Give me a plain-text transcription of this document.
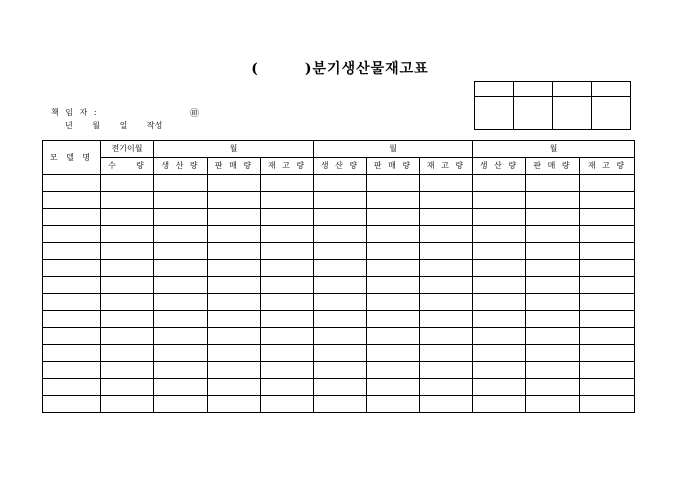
(	)분기생산물재고표

책 임 자 :	㊞
년 월 일 작성
모 델 명	전기이월	월			월			월		
	수    량	생 산 량	판 매 량	재 고 량	생 산 량	판 매 량	재 고 량	생 산 량	판 매 량	재 고 량
